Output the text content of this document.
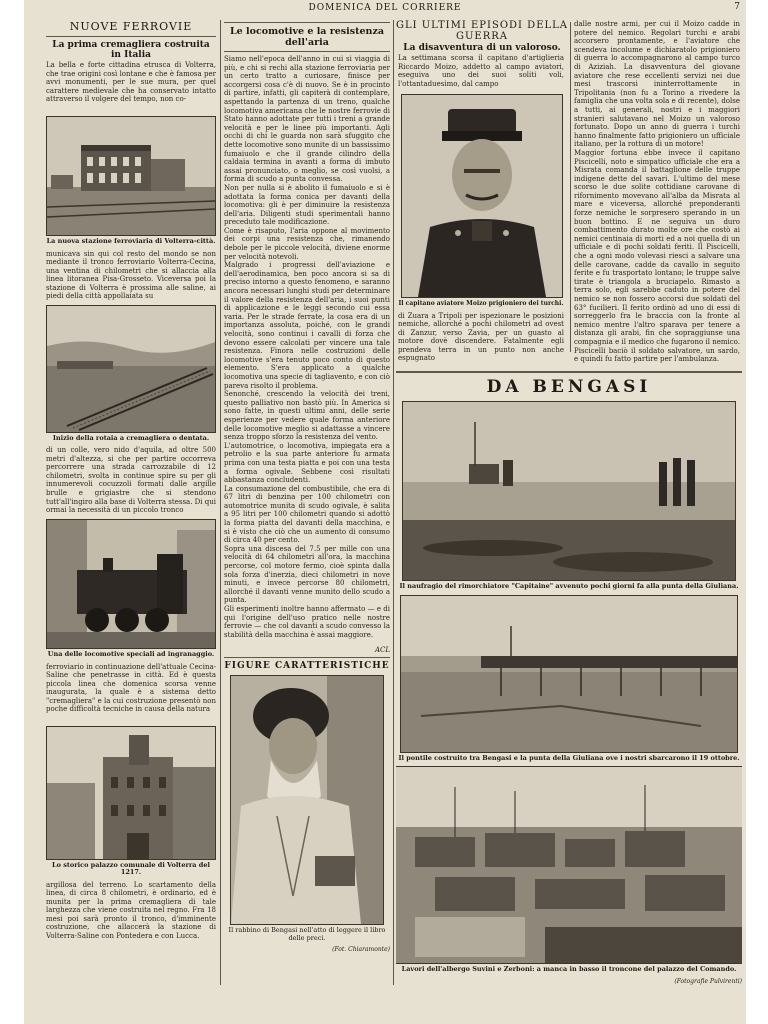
DOMENICA DEL CORRIERE	7
NUOVE FERROVIE
La prima cremagliera costruita in Italia

La bella e forte cittadina etrusca di Volterra, che trae origini così lontane e che è famosa per avvi monumenti, per le sue mura, per quel carattere medievale che ha conservato intatto attraverso il volgere del tempo, non co-

La nuova stazione ferroviaria di Volterra-città.

municava sin qui col resto del mondo se non mediante il tronco ferroviario Volterra-Cecina, una ventina di chilometri che si allaccia alla linea litoranea Pisa-Grosseto. Viceversa poi la stazione di Volterra è prossima alle saline, ai piedi della città appollaiata su

Inizio della rotaia a cremagliera o dentata.

di un colle, vero nido d'aquila, ad oltre 500 metri d'altezza, si che per partire occorreva percorrere una strada carrozzabile di 12 chilometri, svolta in continue spire su per gli innumerevoli cocuzzoli formati dalle argille brulle e grigiastre che si stendono tutt'all'ingiro alla base di Volterra stessa. Di qui ormai la necessità di un piccolo tronco

Una delle locomotive speciali ad ingranaggio.

ferroviario in continuazione dell'attuale Cecina-Saline che penetrasse in città. Ed è questa piccola linea che domenica scorsa venne inaugurata, la quale è a sistema detto "cremagliera" e la cui costruzione presentò non poche difficoltà tecniche in causa della natura

Lo storico palazzo comunale di Volterra del 1217.

argillosa del terreno. Lo scartamento della linea, di circa 8 chilometri, è ordinario, ed è munita per la prima cremagliera di tale larghezza che viene costruita nel regno. Fra 18 mesi poi sarà pronto il tronco, d'imminente costruzione, che allaccerà la stazione di Volterra-Saline con Pontedera e con Lucca.

Le locomotive e la resistenza dell'aria

Siamo nell'epoca dell'anno in cui si viaggia di più, e chi si rechi alla stazione ferroviaria per un certo tratto a curiosare, finisce per accorgersi cosa c'è di nuovo. Se è in procinto di partire, infatti, gli capiterà di contemplare, aspettando la partenza di un treno, qualche locomotiva americana che le nostre ferrovie di Stato hanno adottate per tutti i treni a grande velocità e per le linee più importanti. Agli occhi di chi le guarda non sarà sfuggito che dette locomotive sono munite di un bassissimo fumaiuolo e che il grande cilindro della caldaia termina in avanti a forma di imbuto assai pronunciato, o meglio, se così vuolsi, a forma di scudo a punta convessa.

Non per nulla si è abolito il fumaiuolo e si è adottata la forma conica per davanti della locomotiva: gli è per diminuire la resistenza dell'aria. Diligenti studi sperimentali hanno preceduto tale modificazione.

Come è risaputo, l'aria oppone al movimento dei corpi una resistenza che, rimanendo debole per le piccole velocità, diviene enorme per velocità notevoli.

Malgrado i progressi dell'aviazione e dell'aerodinamica, ben poco ancora si sa di preciso intorno a questo fenomeno, e saranno ancora necessari lunghi studi per determinare il valore della resistenza dell'aria, i suoi punti di applicazione e le leggi secondo cui essa varia. Per le strade ferrate, la cosa era di un importanza assoluta, poiché, con le grandi velocità, sono continui i cavalli di forza che devono essere calcolati per vincere una tale resistenza. Finora nelle costruzioni delle locomotive s'era tenuto poco conto di questo elemento. S'era applicato a qualche locomotiva una specie di tagliavento, e con ciò pareva risolto il problema.

Senonché, crescendo la velocità dei treni, questo palliativo non bastò più. In America si sono fatte, in questi ultimi anni, delle serie esperienze per vedere quale forma anteriore delle locomotive meglio si adattasse a vincere senza troppo sforzo la resistenza del vento.

L'automotrice, o locomotiva, impiegata era a petrolio e la sua parte anteriore fu armata prima con una testa piatta e poi con una testa a forma ogivale. Sebbene così risultati abbastanza concludenti.

La consumazione del combustibile, che era di 67 litri di benzina per 100 chilometri con automotrice munita di scudo ogivale, è salita a 95 litri per 100 chilometri quando si adottò la forma piatta del davanti della macchina, e si è visto che ciò che un aumento di consumo di circa 40 per cento.

Sopra una discesa del 7.5 per mille con una velocità di 64 chilometri all'ora, la macchina percorse, col motore fermo, cioè spinta dalla sola forza d'inerzia, dieci chilometri in nove minuti, e invece percorse 80 chilometri, allorché il davanti venne munito dello scudo a punta.

Gli esperimenti inoltre hanno affermato — e di qui l'origine dell'uso pratico nelle nostre ferrovie — che col davanti a scudo convesso la stabilità della macchina è assai maggiore.

ACL
FIGURE CARATTERISTICHE
Il rabbino di Bengasi nell'atto di leggere il libro delle preci.
(Fot. Chiaramonte)
GLI ULTIMI EPISODI DELLA GUERRA
La disavventura di un valoroso.

La settimana scorsa il capitano d'artiglieria Riccardo Moizo, addetto al campo aviatori, eseguiva uno dei suoi soliti voli, l'ottantaduesimo, dal campo

Il capitano aviatore Moizo prigioniero dei turchi.

di Zuara a Tripoli per ispezionare le posizioni nemiche, allorché a pochi chilometri ad ovest di Zanzur, verso Zavia, per un guasto al motore dovè discendere. Fatalmente egli prendeva terra in un punto non anche espugnato

dalle nostre armi, per cui il Moizo cadde in potere del nemico. Regolari turchi e arabi accorsero prontamente, e l'aviatore che scendeva incolume e dichiaratolo prigioniero di guerra lo accompagnarono al campo turco di Aziziah. La disavventura del giovane aviatore che rese eccellenti servizi nei due mesi trascorsi ininterrottamente in Tripolitania (non fu a Torino a rivedere la famiglia che una volta sola e di recente), dolse a tutti, ai generali, nostri e i maggiori stranieri salutavano nel Moizo un valoroso fortunato. Dopo un anno di guerra i turchi hanno finalmente fatto prigioniero un ufficiale italiano, per la rottura di un motore!

Maggior fortuna ebbe invece il capitano Piscicelli, noto e simpatico ufficiale che era a Misrata comanda il battaglione delle truppe indigene dette del savari. L'ultimo del mese scorso le due solite cottidiane carovane di rifornimento movevano all'alba da Misrata al mare e viceversa, allorché preponderanti forze nemiche le sorpresero sperando in un buon bottino. E ne seguiva un duro combattimento durato molte ore che costò ai nemici centinaia di morti ed a noi quella di un ufficiale e di pochi soldati feriti. Il Piscicelli, che a ogni modo volevasi riesci a salvare una delle carovane, cadde da cavallo in seguito ferite e fu trasportato lontano; le truppe salve tirate è triangola a bruciapelo. Rimasto a terra solo, egli sarebbe caduto in potere del nemico se non fossero accorsi due soldati del 63° fucilieri. Il ferito ordinò ad uno di essi di sorreggerlo fra le braccia con la fronte al nemico mentre l'altro sparava per tenere a distanza gli arabi, fin che sopraggiunse una compagnia e il medico che fugarono il nemico. Piscicelli baciò il soldato salvatore, un sardo, e quindi fu fatto partire per l'ambulanza.

DA BENGASI
Il naufragio del rimorchiatore "Capitaine" avvenuto pochi giorni fa alla punta della Giuliana.
Il pontile costruito tra Bengasi e la punta della Giuliana ove i nostri sbarcarono il 19 ottobre.
Lavori dell'albergo Suvini e Zerboni: a manca in basso il troncone del palazzo del Comando.
(Fotografie Pulvirenti)
